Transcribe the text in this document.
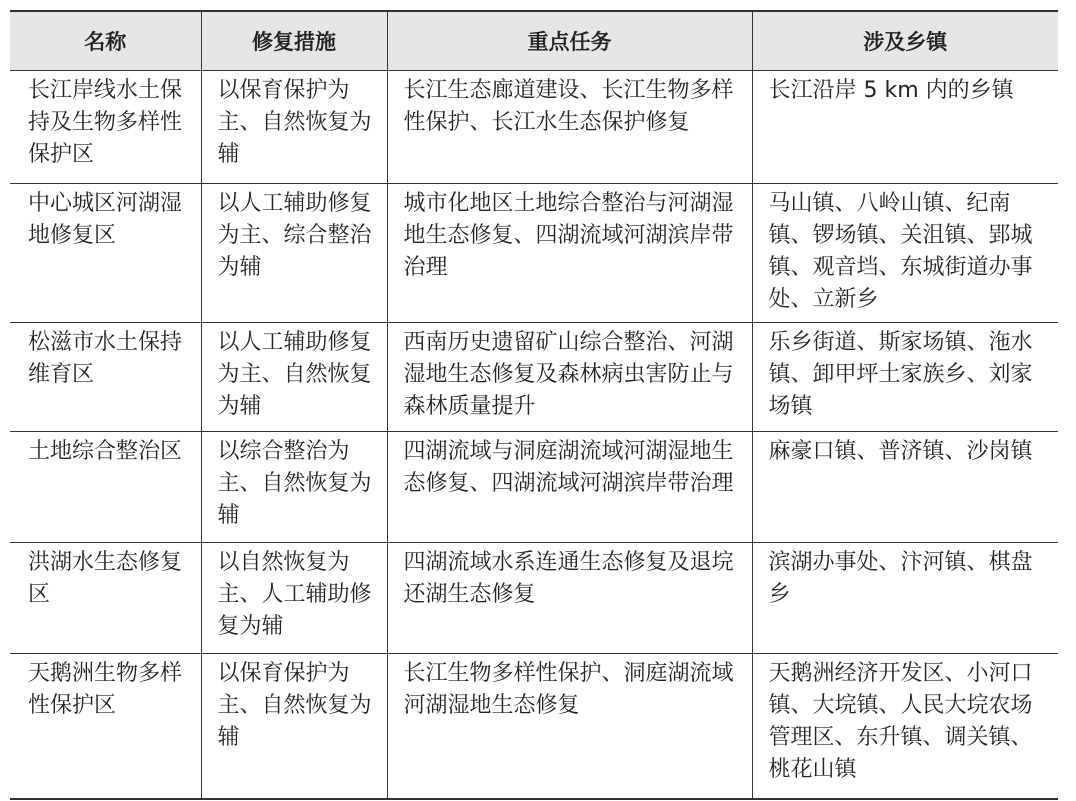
名称	修复措施	重点任务	涉及乡镇
长江岸线水土保持及生物多样性保护区	以保育保护为主、自然恢复为辅	长江生态廊道建设、长江生物多样性保护、长江水生态保护修复	长江沿岸 5 km 内的乡镇
中心城区河湖湿地修复区	以人工辅助修复为主、综合整治为辅	城市化地区土地综合整治与河湖湿地生态修复、四湖流域河湖滨岸带治理	马山镇、八岭山镇、纪南镇、锣场镇、关沮镇、郢城镇、观音垱、东城街道办事处、立新乡
松滋市水土保持维育区	以人工辅助修复为主、自然恢复为辅	西南历史遗留矿山综合整治、河湖湿地生态修复及森林病虫害防止与森林质量提升	乐乡街道、斯家场镇、沲水镇、卸甲坪土家族乡、刘家场镇
土地综合整治区	以综合整治为主、自然恢复为辅	四湖流域与洞庭湖流域河湖湿地生态修复、四湖流域河湖滨岸带治理	麻豪口镇、普济镇、沙岗镇
洪湖水生态修复区	以自然恢复为主、人工辅助修复为辅	四湖流域水系连通生态修复及退垸还湖生态修复	滨湖办事处、汴河镇、棋盘乡
天鹅洲生物多样性保护区	以保育保护为主、自然恢复为辅	长江生物多样性保护、洞庭湖流域河湖湿地生态修复	天鹅洲经济开发区、小河口镇、大垸镇、人民大垸农场管理区、东升镇、调关镇、桃花山镇
